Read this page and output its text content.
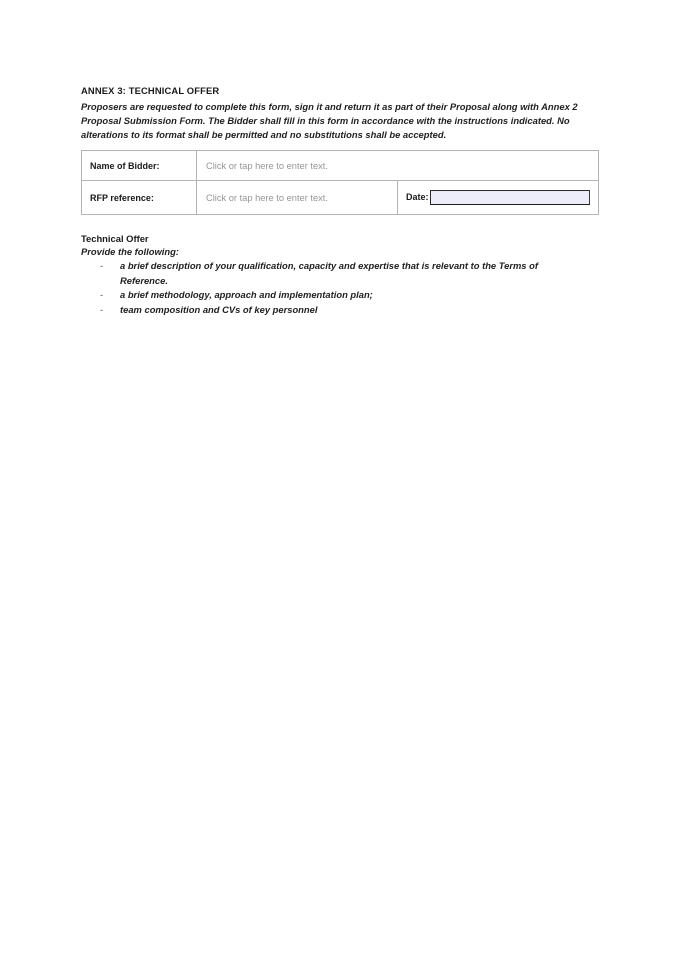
ANNEX 3: TECHNICAL OFFER

Proposers are requested to complete this form, sign it and return it as part of their Proposal along with Annex 2 Proposal Submission Form. The Bidder shall fill in this form in accordance with the instructions indicated. No alterations to its format shall be permitted and no substitutions shall be accepted.

Name of Bidder:	Click or tap here to enter text.	
RFP reference:	Click or tap here to enter text.	Date:
Technical Offer

Provide the following:

- a brief description of your qualification, capacity and expertise that is relevant to the Terms of Reference.
- a brief methodology, approach and implementation plan;
- team composition and CVs of key personnel
